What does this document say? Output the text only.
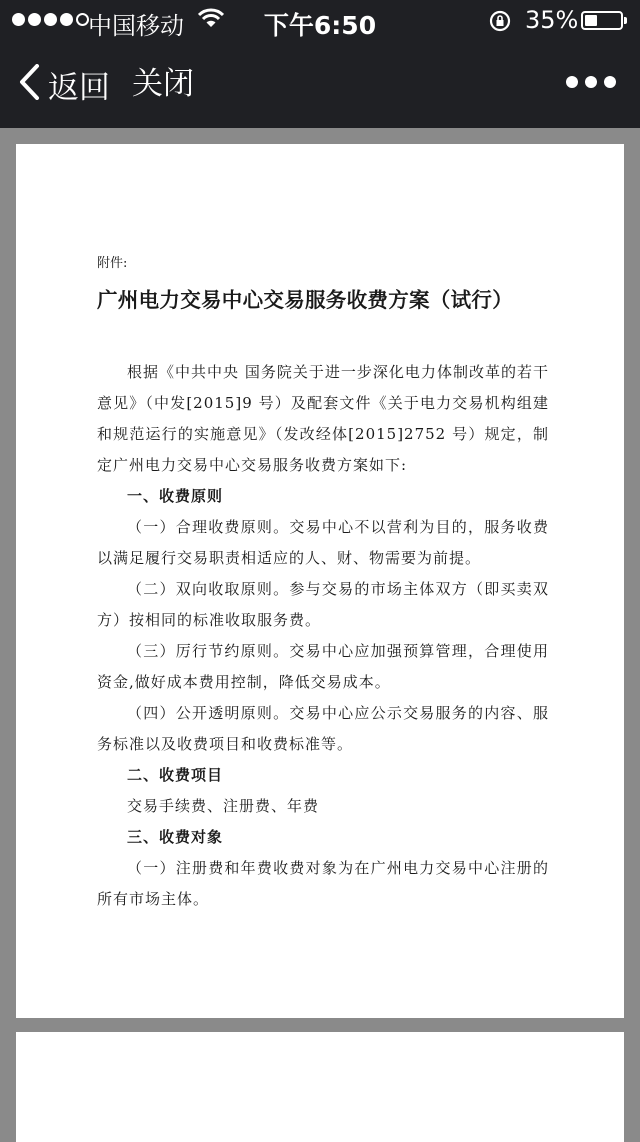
中国移动	下午6:50	35%
返回 关闭
附件:
广州电力交易中心交易服务收费方案（试行）

根据《中共中央 国务院关于进一步深化电力体制改革的若干意见》（中发[2015]9 号）及配套文件《关于电力交易机构组建和规范运行的实施意见》（发改经体[2015]2752 号）规定，制定广州电力交易中心交易服务收费方案如下:

一、收费原则

（一）合理收费原则。交易中心不以营利为目的，服务收费以满足履行交易职责相适应的人、财、物需要为前提。

（二）双向收取原则。参与交易的市场主体双方（即买卖双方）按相同的标准收取服务费。

（三）厉行节约原则。交易中心应加强预算管理，合理使用资金,做好成本费用控制，降低交易成本。

（四）公开透明原则。交易中心应公示交易服务的内容、服务标准以及收费项目和收费标准等。

二、收费项目

交易手续费、注册费、年费

三、收费对象

（一）注册费和年费收费对象为在广州电力交易中心注册的所有市场主体。
